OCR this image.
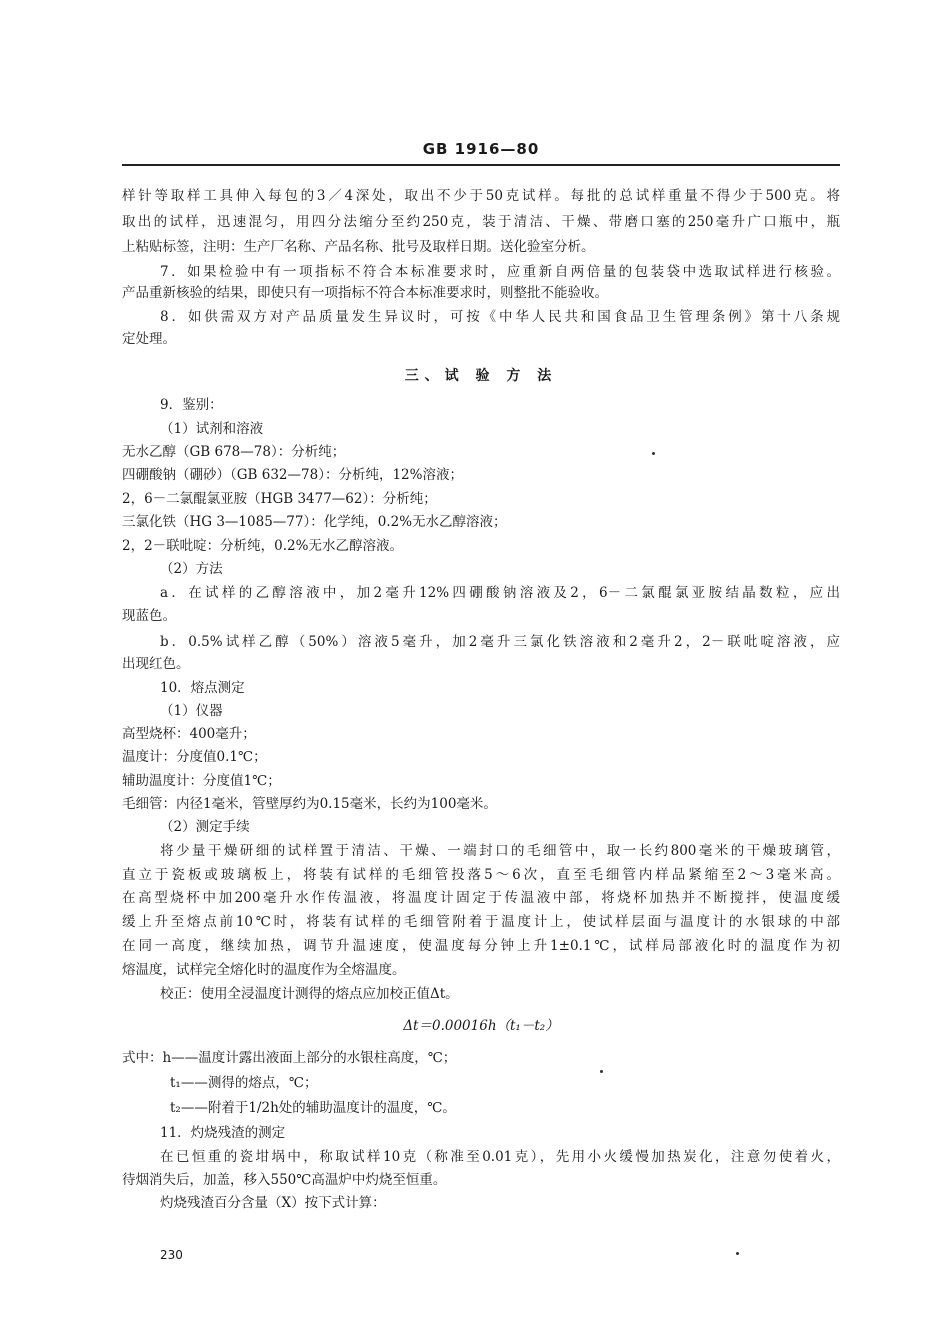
GB 1916—80
样针等取样工具伸入每包的3／4深处，取出不少于50克试样。每批的总试样重量不得少于500克。将
取出的试样，迅速混匀，用四分法缩分至约250克，装于清洁、干燥、带磨口塞的250毫升广口瓶中，瓶
上粘贴标签，注明：生产厂名称、产品名称、批号及取样日期。送化验室分析。
7．如果检验中有一项指标不符合本标准要求时，应重新自两倍量的包装袋中选取试样进行核验。
产品重新核验的结果，即使只有一项指标不符合本标准要求时，则整批不能验收。
8．如供需双方对产品质量发生异议时，可按《中华人民共和国食品卫生管理条例》第十八条规
定处理。
三、试 验 方 法
9．鉴别：
（1）试剂和溶液
无水乙醇（GB 678—78）：分析纯；
四硼酸钠（硼砂）（GB 632—78）：分析纯，12%溶液；
2，6－二氯醌氯亚胺（HGB 3477—62）：分析纯；
三氯化铁（HG 3—1085—77）：化学纯，0.2%无水乙醇溶液；
2，2－联吡啶：分析纯，0.2%无水乙醇溶液。
（2）方法
a．在试样的乙醇溶液中，加2毫升12%四硼酸钠溶液及2，6－二氯醌氯亚胺结晶数粒，应出
现蓝色。
b．0.5%试样乙醇（50%）溶液5毫升，加2毫升三氯化铁溶液和2毫升2，2－联吡啶溶液，应
出现红色。
10．熔点测定
（1）仪器
高型烧杯：400毫升；
温度计：分度值0.1℃；
辅助温度计：分度值1℃；
毛细管：内径1毫米，管壁厚约为0.15毫米，长约为100毫米。
（2）测定手续
将少量干燥研细的试样置于清洁、干燥、一端封口的毛细管中，取一长约800毫米的干燥玻璃管，
直立于瓷板或玻璃板上，将装有试样的毛细管投落5～6次，直至毛细管内样品紧缩至2～3毫米高。
在高型烧杯中加200毫升水作传温液，将温度计固定于传温液中部，将烧杯加热并不断搅拌，使温度缓
缓上升至熔点前10℃时，将装有试样的毛细管附着于温度计上，使试样层面与温度计的水银球的中部
在同一高度，继续加热，调节升温速度，使温度每分钟上升1±0.1℃，试样局部液化时的温度作为初
熔温度，试样完全熔化时的温度作为全熔温度。
校正：使用全浸温度计测得的熔点应加校正值Δt。
Δt＝0.00016h（t₁－t₂）
式中：h——温度计露出液面上部分的水银柱高度，℃；
t₁——测得的熔点，℃；
t₂——附着于1/2h处的辅助温度计的温度，℃。
11．灼烧残渣的测定
在已恒重的瓷坩埚中，称取试样10克（称准至0.01克），先用小火缓慢加热炭化，注意勿使着火，
待烟消失后，加盖，移入550℃高温炉中灼烧至恒重。
灼烧残渣百分含量（X）按下式计算：
230
